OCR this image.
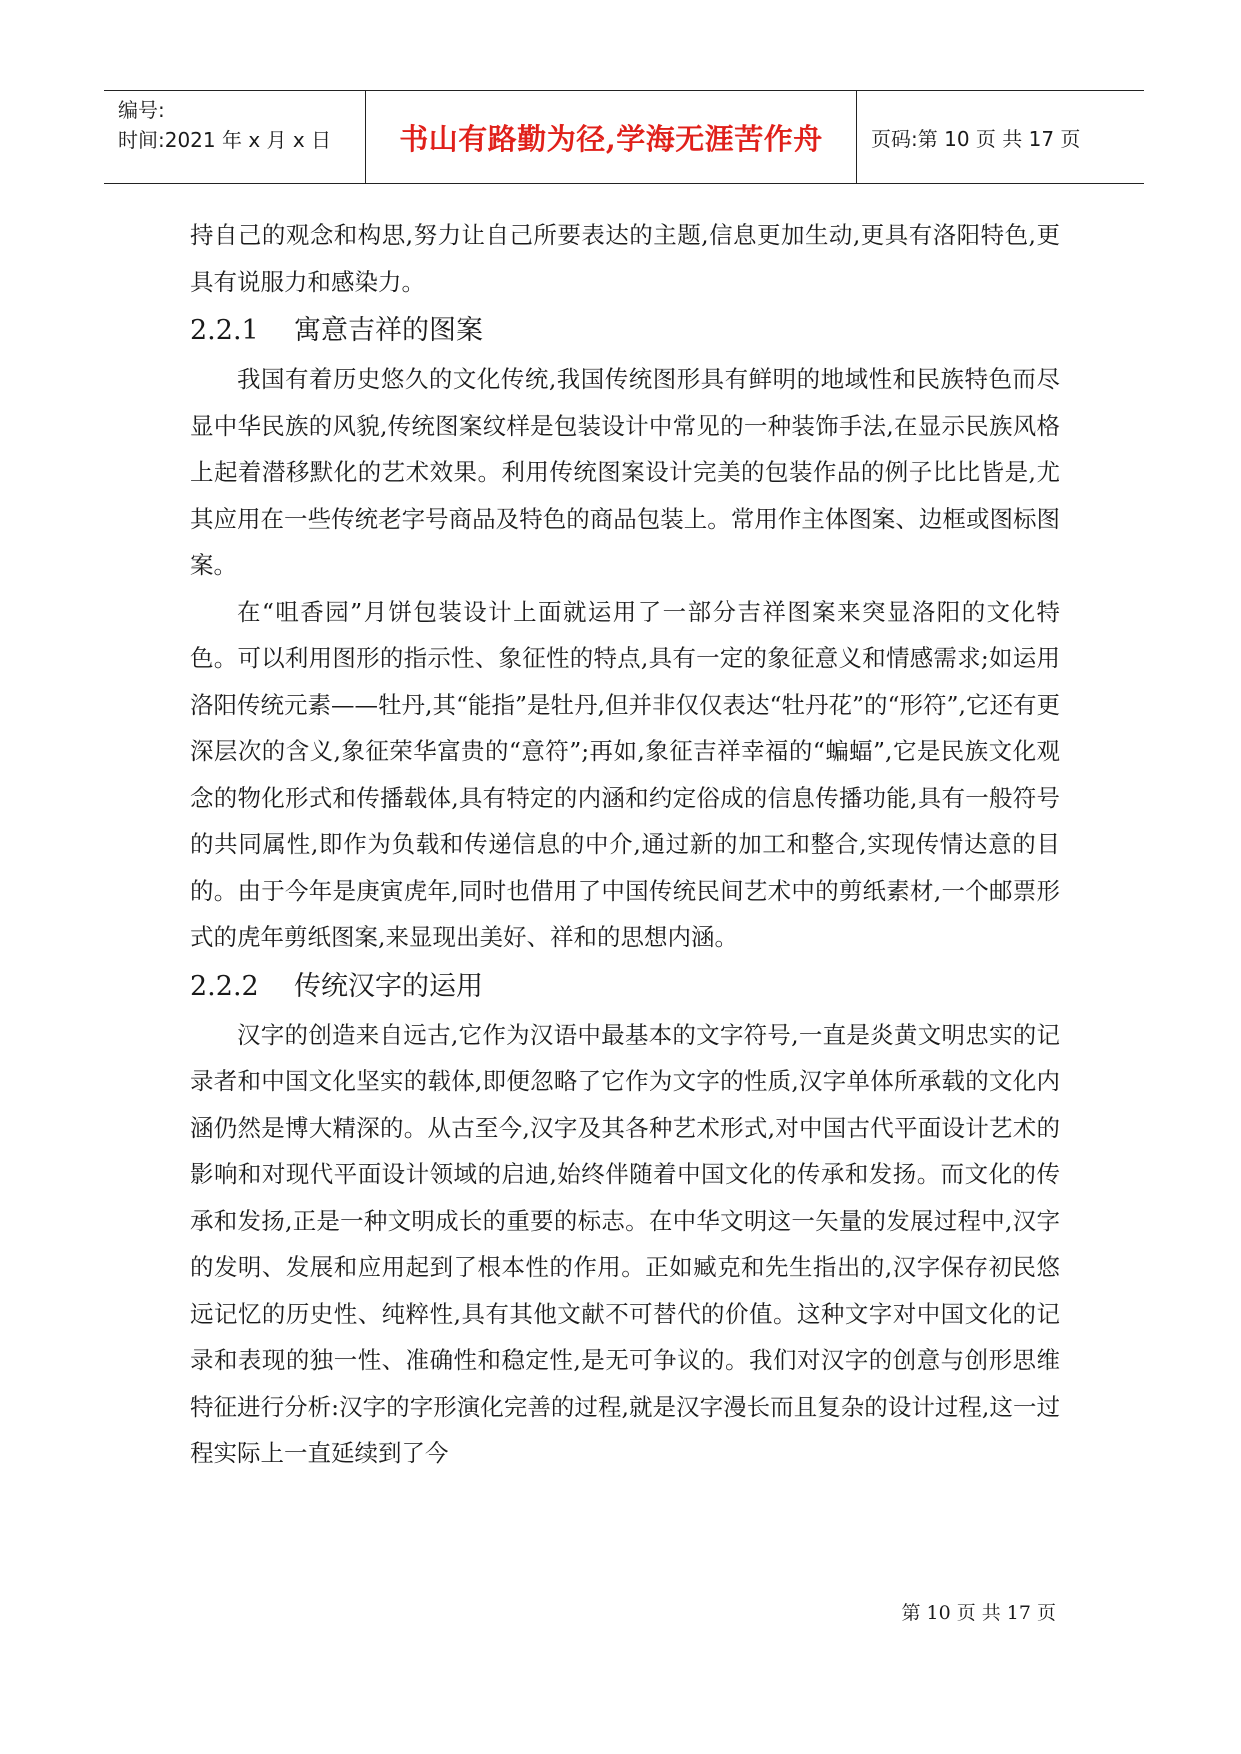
编号:
时间:2021 年 x 月 x 日	书山有路勤为径,学海无涯苦作舟	页码:第 10 页 共 17 页

持自己的观念和构思,努力让自己所要表达的主题,信息更加生动,更具有洛阳特色,更具有说服力和感染力。

2.2.1 寓意吉祥的图案

我国有着历史悠久的文化传统,我国传统图形具有鲜明的地域性和民族特色而尽显中华民族的风貌,传统图案纹样是包装设计中常见的一种装饰手法,在显示民族风格上起着潜移默化的艺术效果。利用传统图案设计完美的包装作品的例子比比皆是,尤其应用在一些传统老字号商品及特色的商品包装上。常用作主体图案、边框或图标图案。

在“咀香园”月饼包装设计上面就运用了一部分吉祥图案来突显洛阳的文化特色。可以利用图形的指示性、象征性的特点,具有一定的象征意义和情感需求;如运用洛阳传统元素——牡丹,其“能指”是牡丹,但并非仅仅表达“牡丹花”的“形符”,它还有更深层次的含义,象征荣华富贵的“意符”;再如,象征吉祥幸福的“蝙蝠”,它是民族文化观念的物化形式和传播载体,具有特定的内涵和约定俗成的信息传播功能,具有一般符号的共同属性,即作为负载和传递信息的中介,通过新的加工和整合,实现传情达意的目的。由于今年是庚寅虎年,同时也借用了中国传统民间艺术中的剪纸素材,一个邮票形式的虎年剪纸图案,来显现出美好、祥和的思想内涵。

2.2.2 传统汉字的运用

汉字的创造来自远古,它作为汉语中最基本的文字符号,一直是炎黄文明忠实的记录者和中国文化坚实的载体,即便忽略了它作为文字的性质,汉字单体所承载的文化内涵仍然是博大精深的。从古至今,汉字及其各种艺术形式,对中国古代平面设计艺术的影响和对现代平面设计领域的启迪,始终伴随着中国文化的传承和发扬。而文化的传承和发扬,正是一种文明成长的重要的标志。在中华文明这一矢量的发展过程中,汉字的发明、发展和应用起到了根本性的作用。正如臧克和先生指出的,汉字保存初民悠远记忆的历史性、纯粹性,具有其他文献不可替代的价值。这种文字对中国文化的记录和表现的独一性、准确性和稳定性,是无可争议的。我们对汉字的创意与创形思维特征进行分析:汉字的字形演化完善的过程,就是汉字漫长而且复杂的设计过程,这一过程实际上一直延续到了今

第 10 页 共 17 页
